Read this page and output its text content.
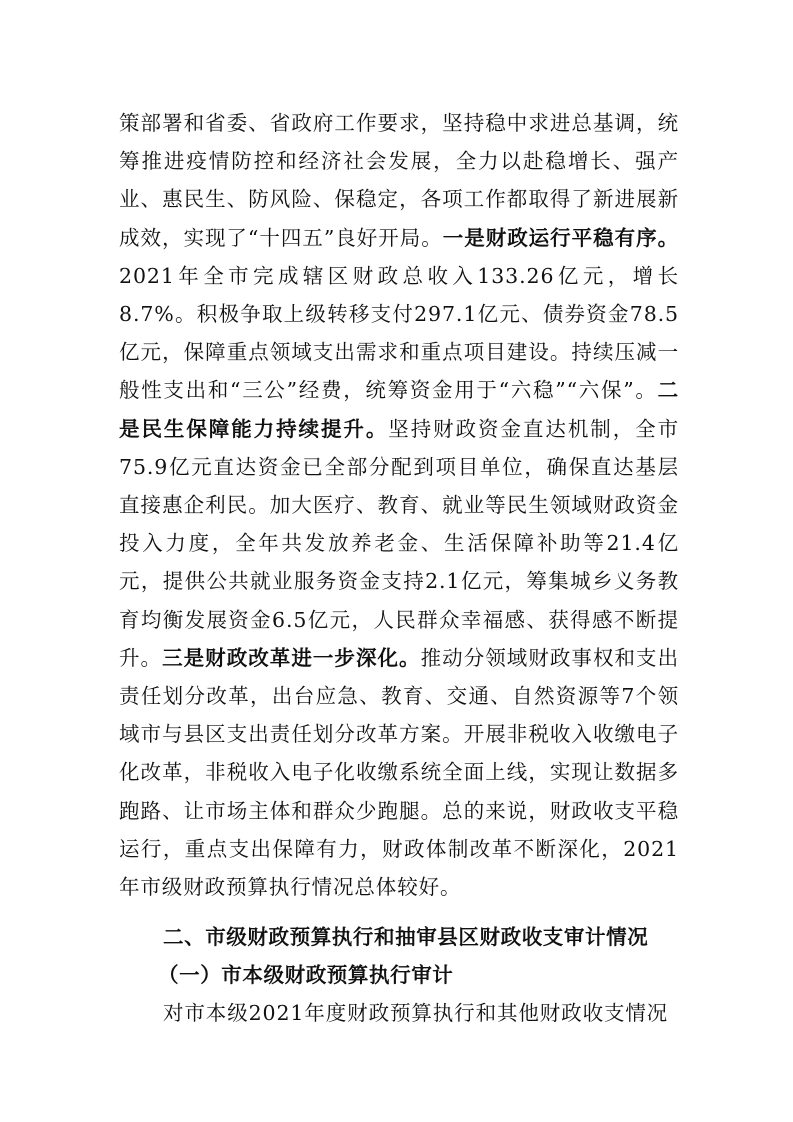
策部署和省委、省政府工作要求，坚持稳中求进总基调，统筹推进疫情防控和经济社会发展，全力以赴稳增长、强产业、惠民生、防风险、保稳定，各项工作都取得了新进展新成效，实现了“十四五”良好开局。一是财政运行平稳有序。2021年全市完成辖区财政总收入133.26亿元，增长8.7%。积极争取上级转移支付297.1亿元、债券资金78.5亿元，保障重点领域支出需求和重点项目建设。持续压减一般性支出和“三公”经费，统筹资金用于“六稳”“六保”。二是民生保障能力持续提升。坚持财政资金直达机制，全市75.9亿元直达资金已全部分配到项目单位，确保直达基层直接惠企利民。加大医疗、教育、就业等民生领域财政资金投入力度，全年共发放养老金、生活保障补助等21.4亿元，提供公共就业服务资金支持2.1亿元，筹集城乡义务教育均衡发展资金6.5亿元，人民群众幸福感、获得感不断提升。三是财政改革进一步深化。推动分领域财政事权和支出责任划分改革，出台应急、教育、交通、自然资源等7个领域市与县区支出责任划分改革方案。开展非税收入收缴电子化改革，非税收入电子化收缴系统全面上线，实现让数据多跑路、让市场主体和群众少跑腿。总的来说，财政收支平稳运行，重点支出保障有力，财政体制改革不断深化，2021年市级财政预算执行情况总体较好。

二、市级财政预算执行和抽审县区财政收支审计情况
（一）市本级财政预算执行审计
对市本级2021年度财政预算执行和其他财政收支情况
